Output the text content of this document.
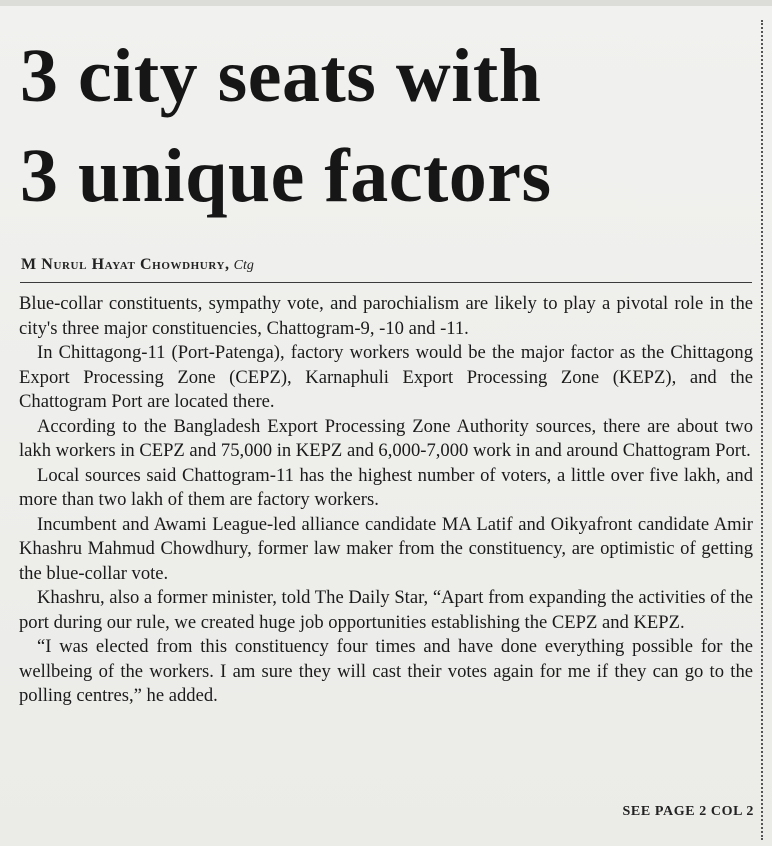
3 city seats with
3 unique factors
M Nurul Hayat Chowdhury, Ctg

Blue-collar constituents, sympathy vote, and parochialism are likely to play a pivotal role in the city's three major constituencies, Chattogram-9, -10 and -11.

In Chittagong-11 (Port-Patenga), factory workers would be the major factor as the Chittagong Export Processing Zone (CEPZ), Karnaphuli Export Processing Zone (KEPZ), and the Chattogram Port are located there.

According to the Bangladesh Export Processing Zone Authority sources, there are about two lakh workers in CEPZ and 75,000 in KEPZ and 6,000-7,000 work in and around Chattogram Port.

Local sources said Chattogram-11 has the highest number of voters, a little over five lakh, and more than two lakh of them are factory workers.

Incumbent and Awami League-led alliance candidate MA Latif and Oikyafront candidate Amir Khashru Mahmud Chowdhury, former law maker from the constituency, are optimistic of getting the blue-collar vote.

Khashru, also a former minister, told The Daily Star, “Apart from expanding the activities of the port during our rule, we created huge job opportunities establishing the CEPZ and KEPZ.

“I was elected from this constituency four times and have done everything possible for the wellbeing of the workers. I am sure they will cast their votes again for me if they can go to the polling centres,” he added.

SEE PAGE 2 COL 2
